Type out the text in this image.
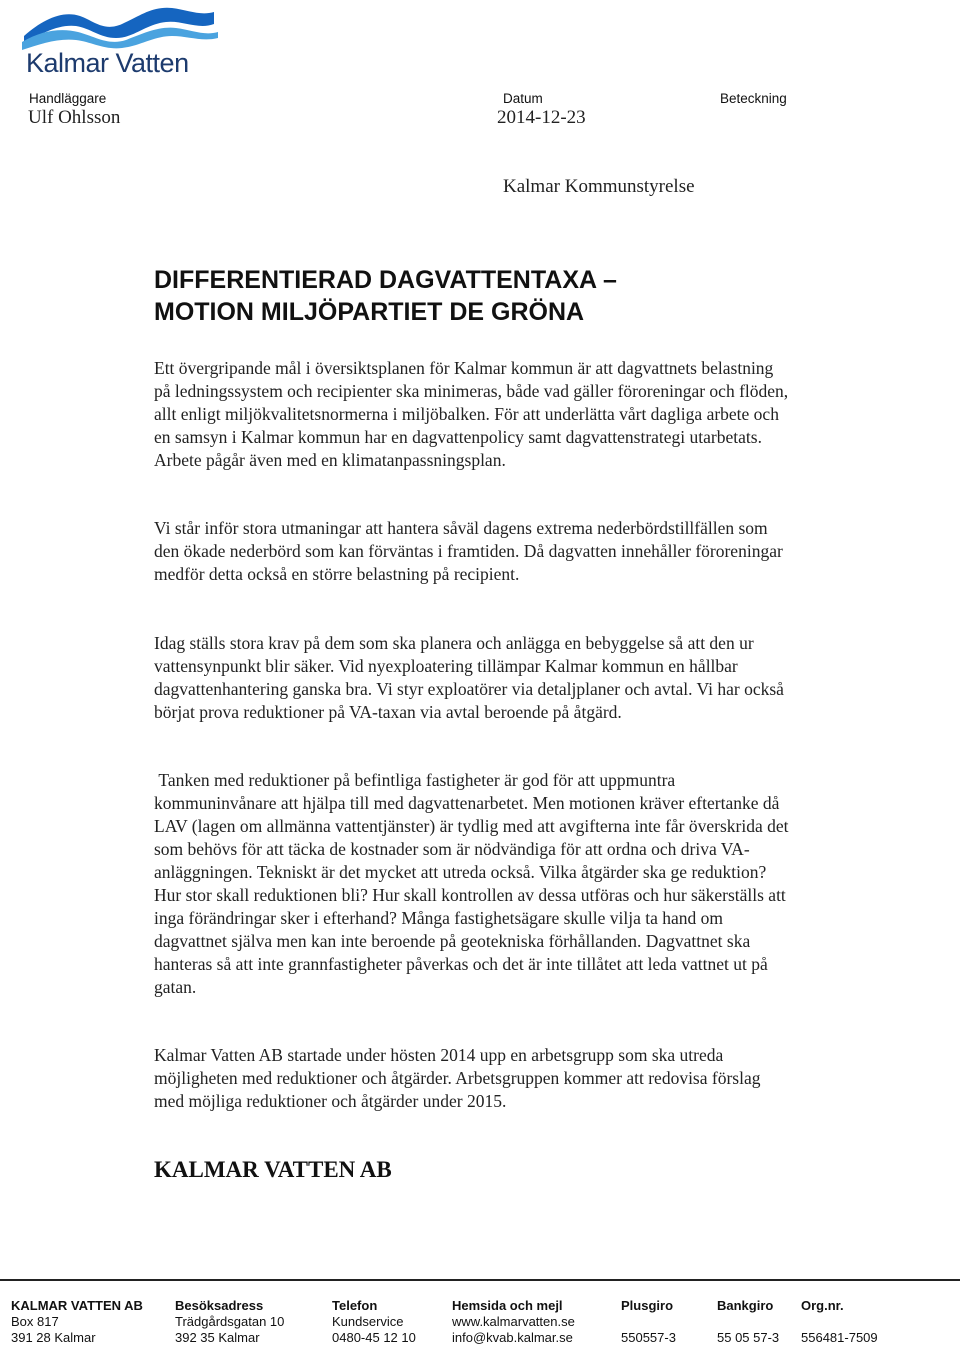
Kalmar Vatten
Handläggare
Ulf Ohlsson
Datum
2014-12-23
Beteckning
Kalmar Kommunstyrelse
DIFFERENTIERAD DAGVATTENTAXA –
MOTION MILJÖPARTIET DE GRÖNA
Ett övergripande mål i översiktsplanen för Kalmar kommun är att dagvattnets belastning på ledningssystem och recipienter ska minimeras, både vad gäller föroreningar och flöden, allt enligt miljökvalitetsnormerna i miljöbalken. För att underlätta vårt dagliga arbete och en samsyn i Kalmar kommun har en dagvattenpolicy samt dagvattenstrategi utarbetats. Arbete pågår även med en klimatanpassningsplan.
Vi står inför stora utmaningar att hantera såväl dagens extrema nederbördstillfällen som den ökade nederbörd som kan förväntas i framtiden. Då dagvatten innehåller föroreningar medför detta också en större belastning på recipient.
Idag ställs stora krav på dem som ska planera och anlägga en bebyggelse så att den ur vattensynpunkt blir säker. Vid nyexploatering tillämpar Kalmar kommun en hållbar dagvattenhantering ganska bra. Vi styr exploatörer via detaljplaner och avtal. Vi har också börjat prova reduktioner på VA-taxan via avtal beroende på åtgärd.
Tanken med reduktioner på befintliga fastigheter är god för att uppmuntra kommuninvånare att hjälpa till med dagvattenarbetet. Men motionen kräver eftertanke då LAV (lagen om allmänna vattentjänster) är tydlig med att avgifterna inte får överskrida det som behövs för att täcka de kostnader som är nödvändiga för att ordna och driva VA- anläggningen. Tekniskt är det mycket att utreda också. Vilka åtgärder ska ge reduktion? Hur stor skall reduktionen bli? Hur skall kontrollen av dessa utföras och hur säkerställs att inga förändringar sker i efterhand? Många fastighetsägare skulle vilja ta hand om dagvattnet själva men kan inte beroende på geotekniska förhållanden. Dagvattnet ska hanteras så att inte grannfastigheter påverkas och det är inte tillåtet att leda vattnet ut på gatan.
Kalmar Vatten AB startade under hösten 2014 upp en arbetsgrupp som ska utreda möjligheten med reduktioner och åtgärder. Arbetsgruppen kommer att redovisa förslag med möjliga reduktioner och åtgärder under 2015.
KALMAR VATTEN AB
KALMAR VATTEN AB
Box 817
391 28 Kalmar
Besöksadress
Trädgårdsgatan 10
392 35 Kalmar
Telefon
Kundservice
0480-45 12 10
Hemsida och mejl
www.kalmarvatten.se
info@kvab.kalmar.se
Plusgiro

550557-3
Bankgiro

55 05 57-3
Org.nr.

556481-7509
